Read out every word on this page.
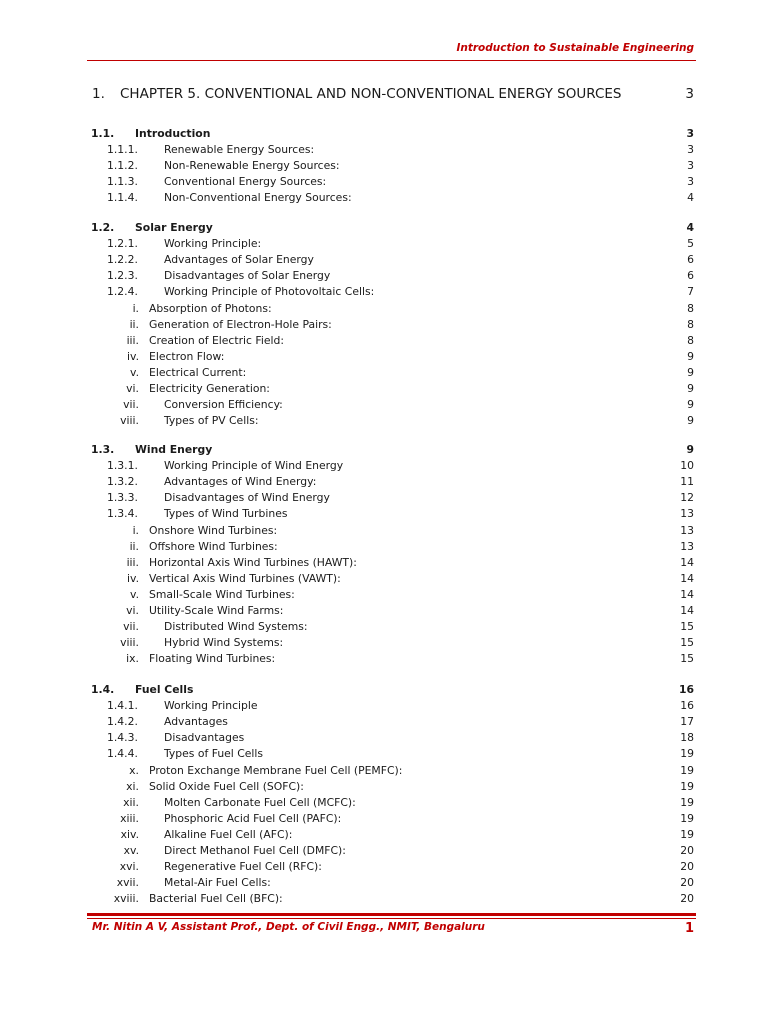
Introduction to Sustainable Engineering
1. CHAPTER 5. CONVENTIONAL AND NON-CONVENTIONAL ENERGY SOURCES	3
1.1. Introduction	3
1.1.1. Renewable Energy Sources:	3
1.1.2. Non-Renewable Energy Sources:	3
1.1.3. Conventional Energy Sources:	3
1.1.4. Non-Conventional Energy Sources:	4
1.2. Solar Energy	4
1.2.1. Working Principle:	5
1.2.2. Advantages of Solar Energy	6
1.2.3. Disadvantages of Solar Energy	6
1.2.4. Working Principle of Photovoltaic Cells:	7
i. Absorption of Photons:	8
ii. Generation of Electron-Hole Pairs:	8
iii. Creation of Electric Field:	8
iv. Electron Flow:	9
v. Electrical Current:	9
vi. Electricity Generation:	9
vii. Conversion Efficiency:	9
viii. Types of PV Cells:	9
1.3. Wind Energy	9
1.3.1. Working Principle of Wind Energy	10
1.3.2. Advantages of Wind Energy:	11
1.3.3. Disadvantages of Wind Energy	12
1.3.4. Types of Wind Turbines	13
i. Onshore Wind Turbines:	13
ii. Offshore Wind Turbines:	13
iii. Horizontal Axis Wind Turbines (HAWT):	14
iv. Vertical Axis Wind Turbines (VAWT):	14
v. Small-Scale Wind Turbines:	14
vi. Utility-Scale Wind Farms:	14
vii. Distributed Wind Systems:	15
viii. Hybrid Wind Systems:	15
ix. Floating Wind Turbines:	15
1.4. Fuel Cells	16
1.4.1. Working Principle	16
1.4.2. Advantages	17
1.4.3. Disadvantages	18
1.4.4. Types of Fuel Cells	19
x. Proton Exchange Membrane Fuel Cell (PEMFC):	19
xi. Solid Oxide Fuel Cell (SOFC):	19
xii. Molten Carbonate Fuel Cell (MCFC):	19
xiii. Phosphoric Acid Fuel Cell (PAFC):	19
xiv. Alkaline Fuel Cell (AFC):	19
xv. Direct Methanol Fuel Cell (DMFC):	20
xvi. Regenerative Fuel Cell (RFC):	20
xvii. Metal-Air Fuel Cells:	20
xviii. Bacterial Fuel Cell (BFC):	20
Mr. Nitin A V, Assistant Prof., Dept. of Civil Engg., NMIT, Bengaluru	1
